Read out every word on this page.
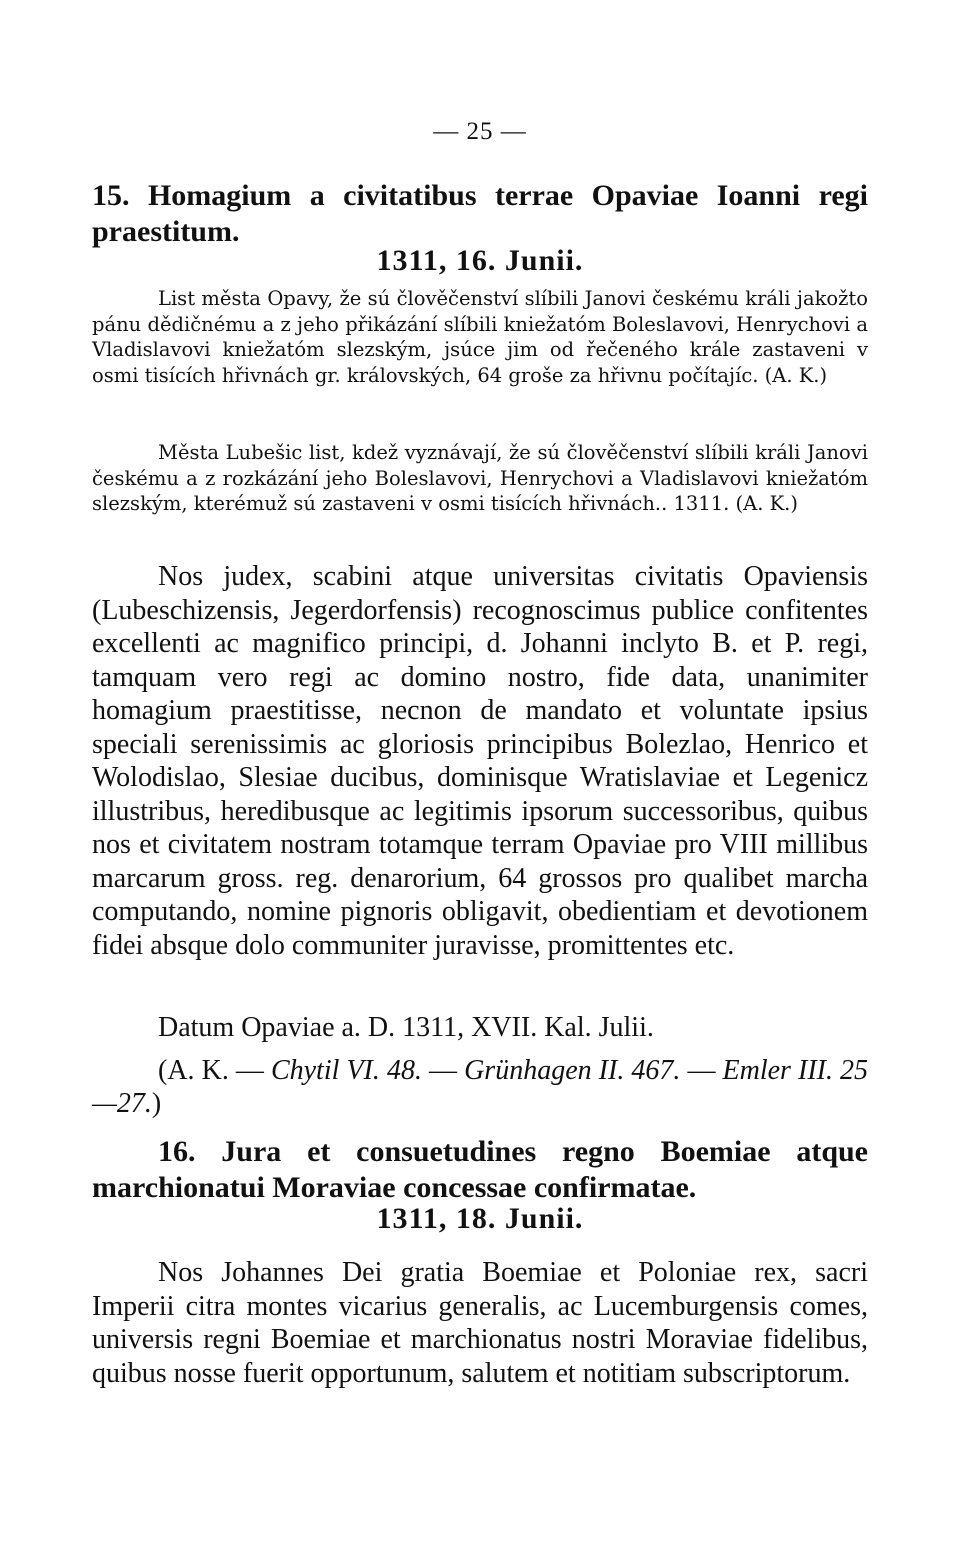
— 25 —
15. Homagium a civitatibus terrae Opaviae Ioanni regi praestitum.
1311, 16. Junii.
List města Opavy, že sú člověčenství slíbili Janovi českému králi jakožto pánu dědičnému a z jeho přikázání slíbili kniežatóm Boleslavovi, Henrychovi a Vladislavovi kniežatóm slezským, jsúce jim od řečeného krále zastaveni v osmi tisících hřivnách gr. královských, 64 groše za hřivnu počítajíc. (A. K.)
Města Lubešic list, kdež vyznávají, že sú člověčenství slíbili králi Janovi českému a z rozkázání jeho Boleslavovi, Henrychovi a Vladislavovi kniežatóm slezským, kterémuž sú zastaveni v osmi tisících hřivnách.. 1311. (A. K.)
Nos judex, scabini atque universitas civitatis Opaviensis (Lubeschizensis, Jegerdorfensis) recognoscimus publice confitentes excellenti ac magnifico principi, d. Johanni inclyto B. et P. regi, tamquam vero regi ac domino nostro, fide data, unanimiter homagium praestitisse, necnon de mandato et voluntate ipsius speciali serenissimis ac gloriosis principibus Bolezlao, Henrico et Wolodislao, Slesiae ducibus, dominisque Wratislaviae et Legenicz illustribus, heredibusque ac legitimis ipsorum successoribus, quibus nos et civitatem nostram totamque terram Opaviae pro VIII millibus marcarum gross. reg. denarorium, 64 grossos pro qualibet marcha computando, nomine pignoris obligavit, obedientiam et devotionem fidei absque dolo communiter juravisse, promittentes etc.
Datum Opaviae a. D. 1311, XVII. Kal. Julii.
(A. K. — Chytil VI. 48. — Grünhagen II. 467. — Emler III. 25—27.)
16. Jura et consuetudines regno Boemiae atque marchionatui Moraviae concessae confirmatae.
1311, 18. Junii.
Nos Johannes Dei gratia Boemiae et Poloniae rex, sacri Imperii citra montes vicarius generalis, ac Lucemburgensis comes, universis regni Boemiae et marchionatus nostri Moraviae fidelibus, quibus nosse fuerit opportunum, salutem et notitiam subscriptorum.
